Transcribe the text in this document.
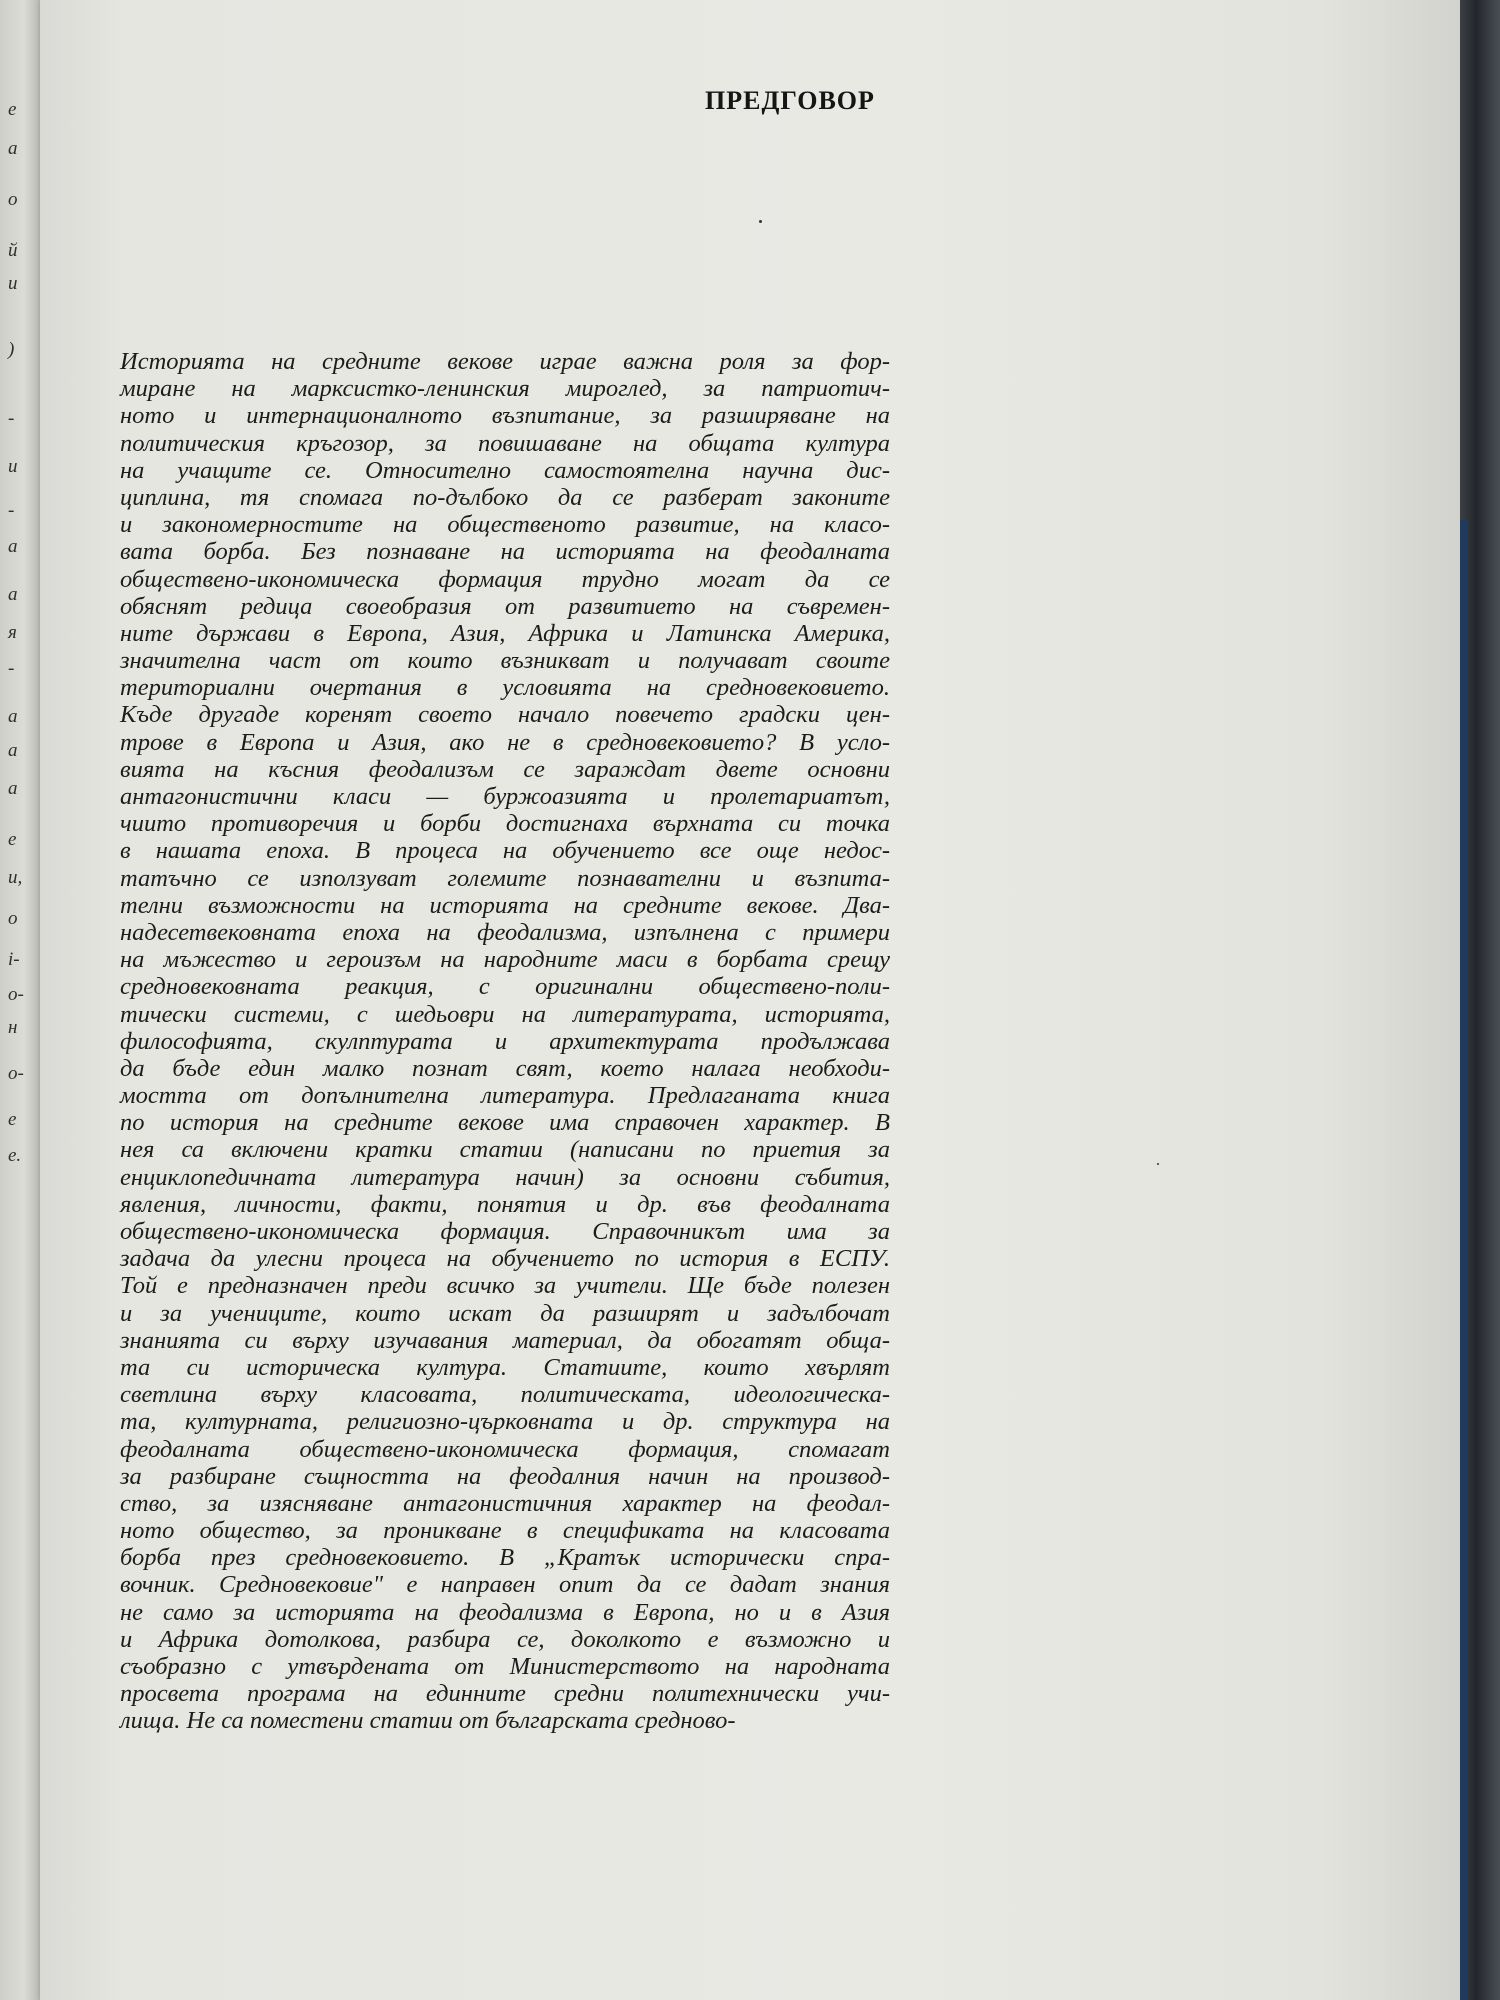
е
а
о
й
и
)
-
и
-
а
а
я
-
а
а
а
е
и,
о
і-
о-
н
о-
е
е.
ПРЕДГОВОР
Историята на средните векове играе важна роля за фор-
миране на марксистко-ленинския мироглед, за патриотич-
ното и интернационалното възпитание, за разширяване на
политическия кръгозор, за повишаване на общата култура
на учащите се. Относително самостоятелна научна дис-
циплина, тя спомага по-дълбоко да се разберат законите
и закономерностите на общественото развитие, на класо-
вата борба. Без познаване на историята на феодалната
обществено-икономическа формация трудно могат да се
обяснят редица своеобразия от развитието на съвремен-
ните държави в Европа, Азия, Африка и Латинска Америка,
значителна част от които възникват и получават своите
териториални очертания в условията на средновековието.
Къде другаде коренят своето начало повечето градски цен-
трове в Европа и Азия, ако не в средновековието? В усло-
вията на късния феодализъм се зараждат двете основни
антагонистични класи — буржоазията и пролетариатът,
чиито противоречия и борби достигнаха върхната си точка
в нашата епоха. В процеса на обучението все още недос-
татъчно се използуват големите познавателни и възпита-
телни възможности на историята на средните векове. Два-
надесетвековната епоха на феодализма, изпълнена с примери
на мъжество и героизъм на народните маси в борбата срещу
средновековната реакция, с оригинални обществено-поли-
тически системи, с шедьоври на литературата, историята,
философията, скулптурата и архитектурата продължава
да бъде един малко познат свят, което налага необходи-
мостта от допълнителна литература. Предлаганата книга
по история на средните векове има справочен характер. В
нея са включени кратки статии (написани по приетия за
енциклопедичната литература начин) за основни събития,
явления, личности, факти, понятия и др. във феодалната
обществено-икономическа формация. Справочникът има за
задача да улесни процеса на обучението по история в ЕСПУ.
Той е предназначен преди всичко за учители. Ще бъде полезен
и за учениците, които искат да разширят и задълбочат
знанията си върху изучавания материал, да обогатят обща-
та си историческа култура. Статиите, които хвърлят
светлина върху класовата, политическата, идеологическа-
та, културната, религиозно-църковната и др. структура на
феодалната обществено-икономическа формация, спомагат
за разбиране същността на феодалния начин на производ-
ство, за изясняване антагонистичния характер на феодал-
ното общество, за проникване в спецификата на класовата
борба през средновековието. В „Кратък исторически спра-
вочник. Средновековие" е направен опит да се дадат знания
не само за историята на феодализма в Европа, но и в Азия
и Африка дотолкова, разбира се, доколкото е възможно и
съобразно с утвърдената от Министерството на народната
просвета програма на единните средни политехнически учи-
лища. Не са поместени статии от българската средново-
